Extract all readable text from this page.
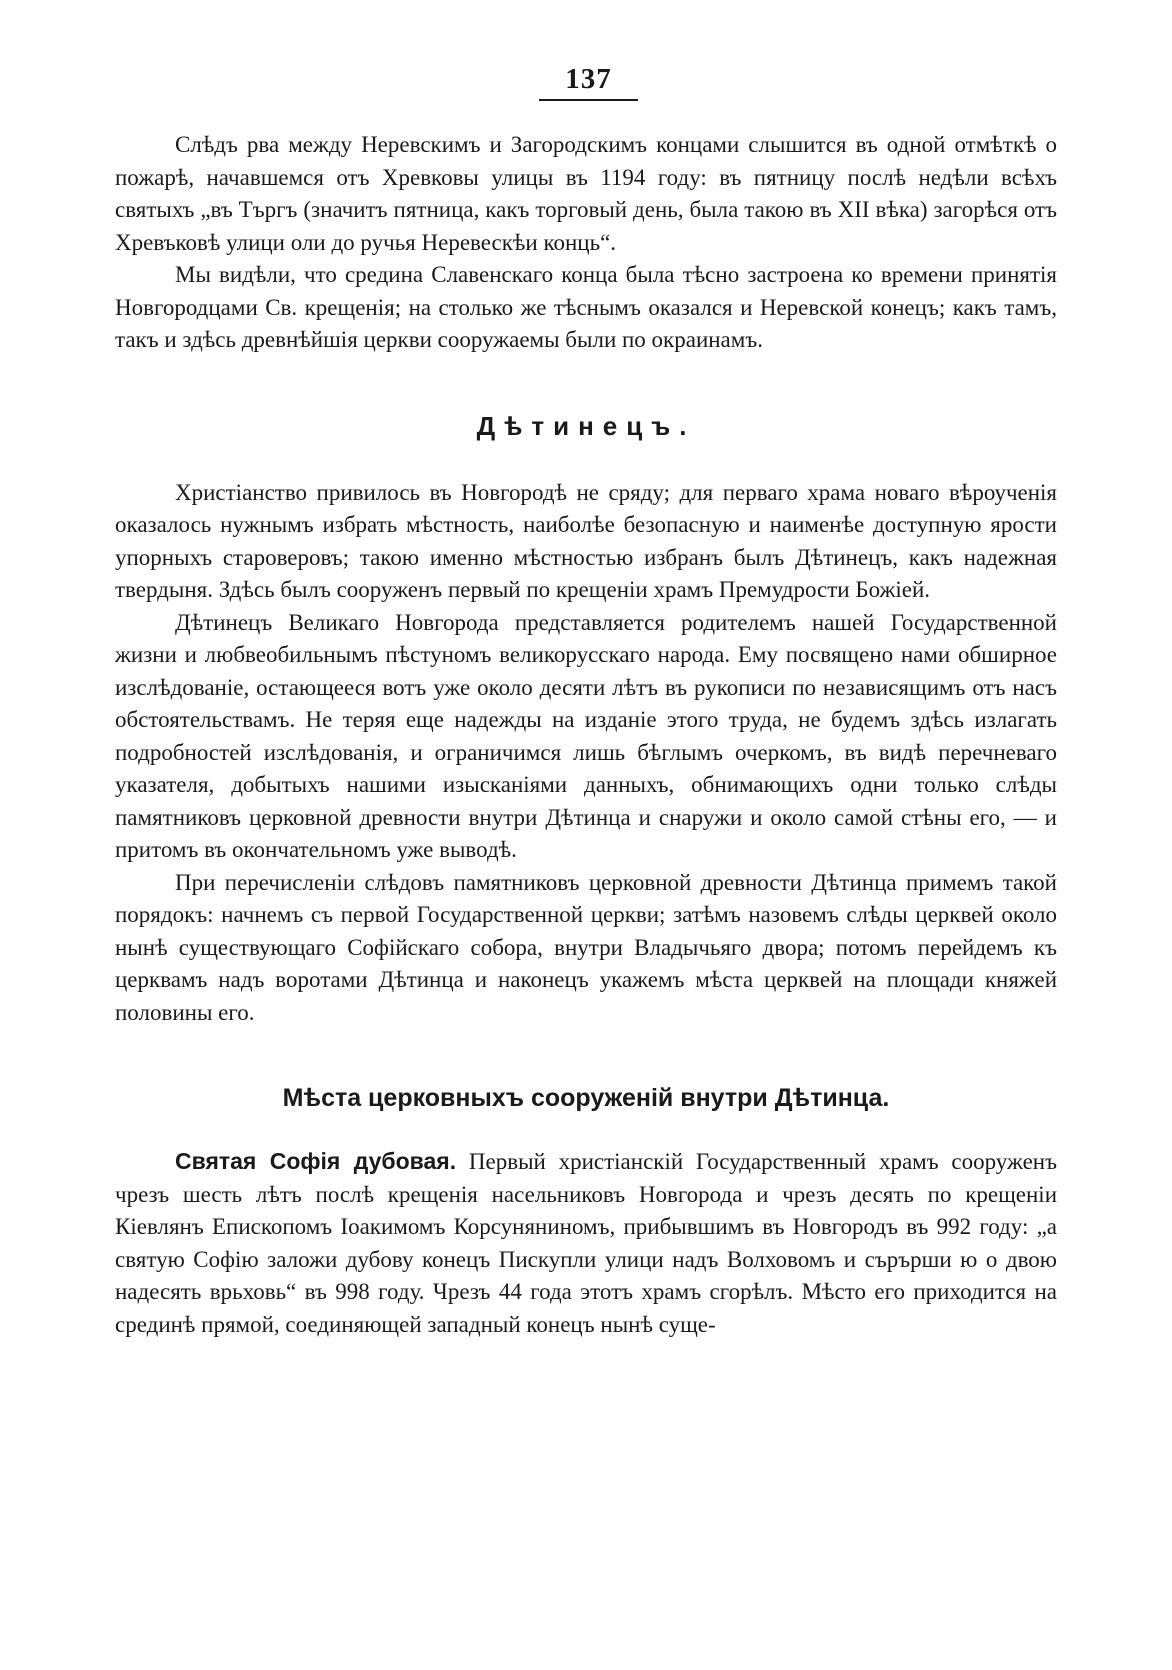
137

Слѣдъ рва между Неревскимъ и Загородскимъ концами слышится въ одной отмѣткѣ о пожарѣ, начавшемся отъ Хревковы улицы въ 1194 году: въ пятницу послѣ недѣли всѣхъ святыхъ „въ Търгъ (значитъ пятница, какъ торговый день, была такою въ XII вѣка) загорѣся отъ Хревъковѣ улици оли до ручья Неревескѣи конць“.

Мы видѣли, что средина Славенскаго конца была тѣсно застроена ко времени принятія Новгородцами Св. крещенія; на столько же тѣснымъ оказался и Неревской конецъ; какъ тамъ, такъ и здѣсь древнѣйшія церкви сооружаемы были по окраинамъ.

Дѣтинецъ.

Христіанство привилось въ Новгородѣ не сряду; для перваго храма новаго вѣроученія оказалось нужнымъ избрать мѣстность, наиболѣе безопасную и наименѣе доступную ярости упорныхъ староверовъ; такою именно мѣстностью избранъ былъ Дѣтинецъ, какъ надежная твердыня. Здѣсь былъ сооруженъ первый по крещеніи храмъ Премудрости Божіей.

Дѣтинецъ Великаго Новгорода представляется родителемъ нашей Государственной жизни и любвеобильнымъ пѣстуномъ великорусскаго народа. Ему посвящено нами обширное изслѣдованіе, остающееся вотъ уже около десяти лѣтъ въ рукописи по независящимъ отъ насъ обстоятельствамъ. Не теряя еще надежды на изданіе этого труда, не будемъ здѣсь излагать подробностей изслѣдованія, и ограничимся лишь бѣглымъ очеркомъ, въ видѣ перечневаго указателя, добытыхъ нашими изысканіями данныхъ, обнимающихъ одни только слѣды памятниковъ церковной древности внутри Дѣтинца и снаружи и около самой стѣны его, — и притомъ въ окончательномъ уже выводѣ.

При перечисленіи слѣдовъ памятниковъ церковной древности Дѣтинца примемъ такой порядокъ: начнемъ съ первой Государственной церкви; затѣмъ назовемъ слѣды церквей около нынѣ существующаго Софійскаго собора, внутри Владычьяго двора; потомъ перейдемъ къ церквамъ надъ воротами Дѣтинца и наконецъ укажемъ мѣста церквей на площади княжей половины его.

Мѣста церковныхъ сооруженій внутри Дѣтинца.

Святая Софія дубовая. Первый христіанскій Государственный храмъ сооруженъ чрезъ шесть лѣтъ послѣ крещенія насельниковъ Новгорода и чрезъ десять по крещеніи Кіевлянъ Епископомъ Іоакимомъ Корсуняниномъ, прибывшимъ въ Новгородъ въ 992 году: „а святую Софію заложи дубову конецъ Пискупли улици надъ Волховомъ и сърърши ю о двою надесять врьховь“ въ 998 году. Чрезъ 44 года этотъ храмъ сгорѣлъ. Мѣсто его приходится на срединѣ прямой, соединяющей западный конецъ нынѣ суще-
